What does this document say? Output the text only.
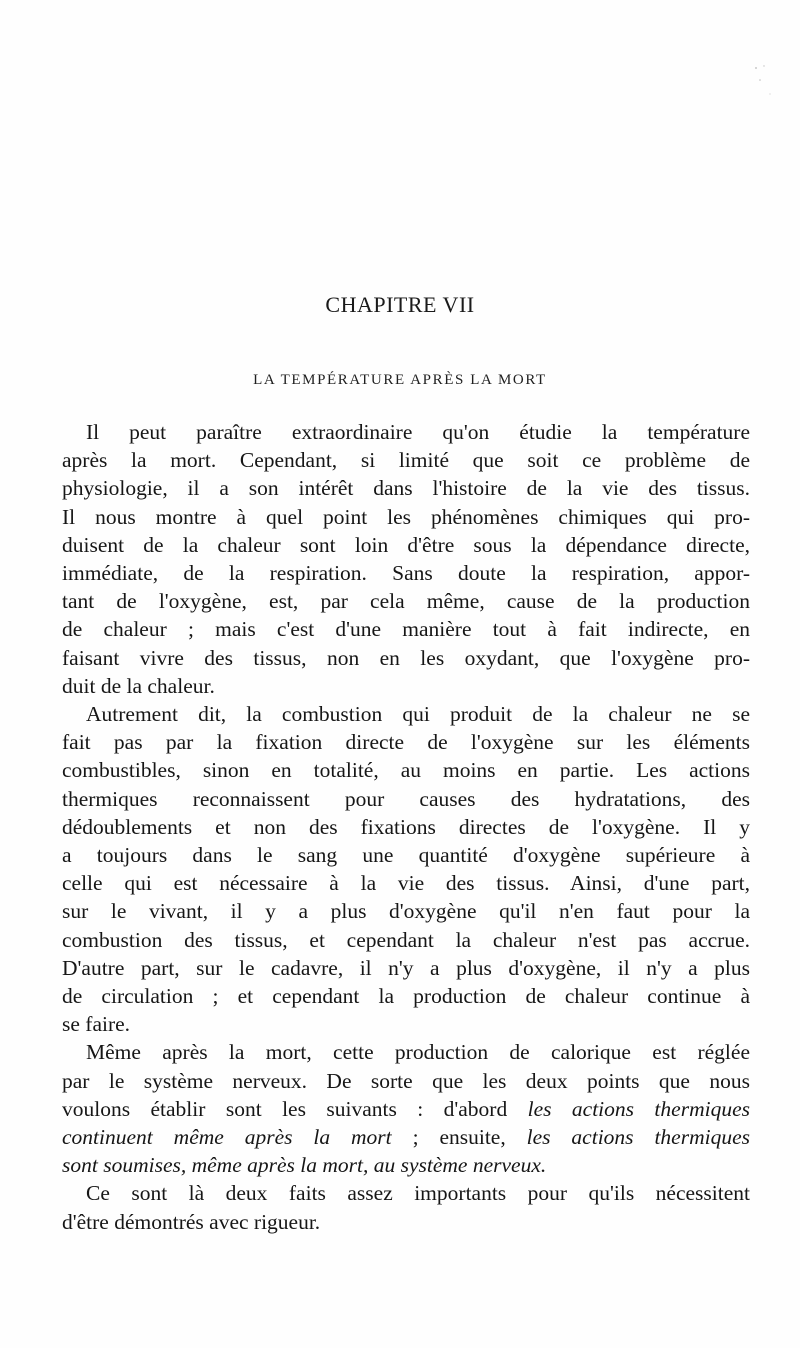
CHAPITRE VII
LA TEMPÉRATURE APRÈS LA MORT
Il peut paraître extraordinaire qu'on étudie la température
après la mort. Cependant, si limité que soit ce problème de
physiologie, il a son intérêt dans l'histoire de la vie des tissus.
Il nous montre à quel point les phénomènes chimiques qui pro-
duisent de la chaleur sont loin d'être sous la dépendance directe,
immédiate, de la respiration. Sans doute la respiration, appor-
tant de l'oxygène, est, par cela même, cause de la production
de chaleur ; mais c'est d'une manière tout à fait indirecte, en
faisant vivre des tissus, non en les oxydant, que l'oxygène pro-
duit de la chaleur.
Autrement dit, la combustion qui produit de la chaleur ne se
fait pas par la fixation directe de l'oxygène sur les éléments
combustibles, sinon en totalité, au moins en partie. Les actions
thermiques reconnaissent pour causes des hydratations, des
dédoublements et non des fixations directes de l'oxygène. Il y
a toujours dans le sang une quantité d'oxygène supérieure à
celle qui est nécessaire à la vie des tissus. Ainsi, d'une part,
sur le vivant, il y a plus d'oxygène qu'il n'en faut pour la
combustion des tissus, et cependant la chaleur n'est pas accrue.
D'autre part, sur le cadavre, il n'y a plus d'oxygène, il n'y a plus
de circulation ; et cependant la production de chaleur continue à
se faire.
Même après la mort, cette production de calorique est réglée
par le système nerveux. De sorte que les deux points que nous
voulons établir sont les suivants : d'abord les actions thermiques
continuent même après la mort ; ensuite, les actions thermiques
sont soumises, même après la mort, au système nerveux.
Ce sont là deux faits assez importants pour qu'ils nécessitent
d'être démontrés avec rigueur.
